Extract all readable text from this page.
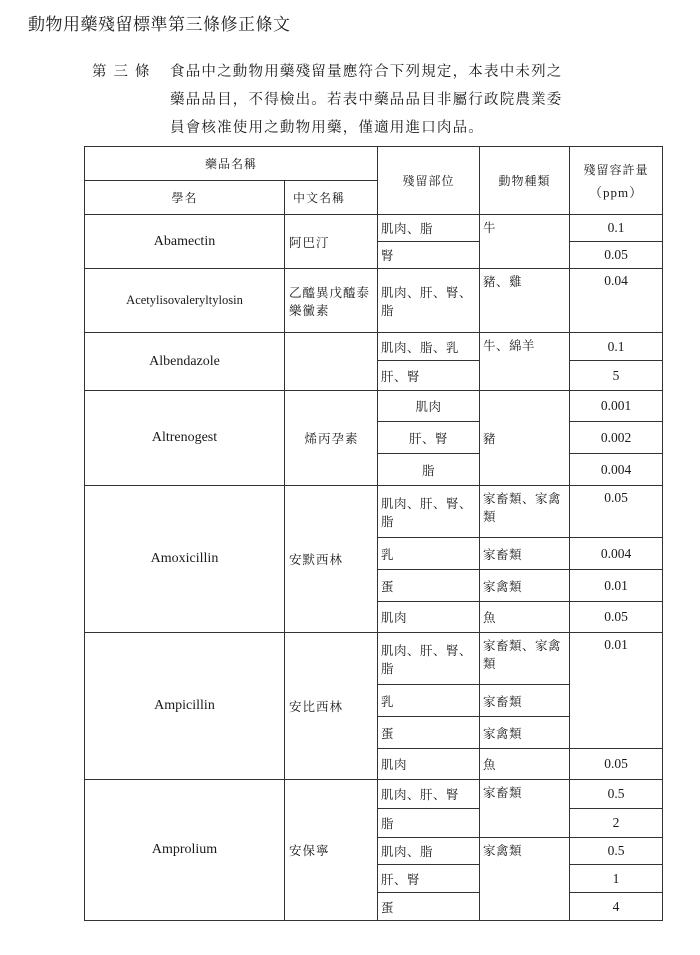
動物用藥殘留標準第三條修正條文
第 三 條 食品中之動物用藥殘留量應符合下列規定，本表中未列之
藥品品目，不得檢出。若表中藥品品目非屬行政院農業委
員會核准使用之動物用藥，僅適用進口肉品。
藥品名稱		殘留部位	動物種類	殘留容許量
（ppm）

學名	中文名稱			
Abamectin	阿巴汀	肌肉、脂	牛	0.1
		腎		0.05
Acetylisovaleryltylosin	乙醯異戊醯泰樂黴素	肌肉、肝、腎、脂	豬、雞	0.04
Albendazole		肌肉、脂、乳	牛、綿羊	0.1
		肝、腎		5
Altrenogest	烯丙孕素	肌肉	豬	0.001
		肝、腎		0.002
		脂		0.004
Amoxicillin	安默西林	肌肉、肝、腎、脂	家畜類、家禽類	0.05
		乳	家畜類	0.004
		蛋	家禽類	0.01
		肌肉	魚	0.05
Ampicillin	安比西林	肌肉、肝、腎、脂	家畜類、家禽類	0.01
		乳	家畜類	
		蛋	家禽類	
		肌肉	魚	0.05
Amprolium	安保寧	肌肉、肝、腎	家畜類	0.5
		脂		2
		肌肉、脂	家禽類	0.5
		肝、腎		1
		蛋		4
